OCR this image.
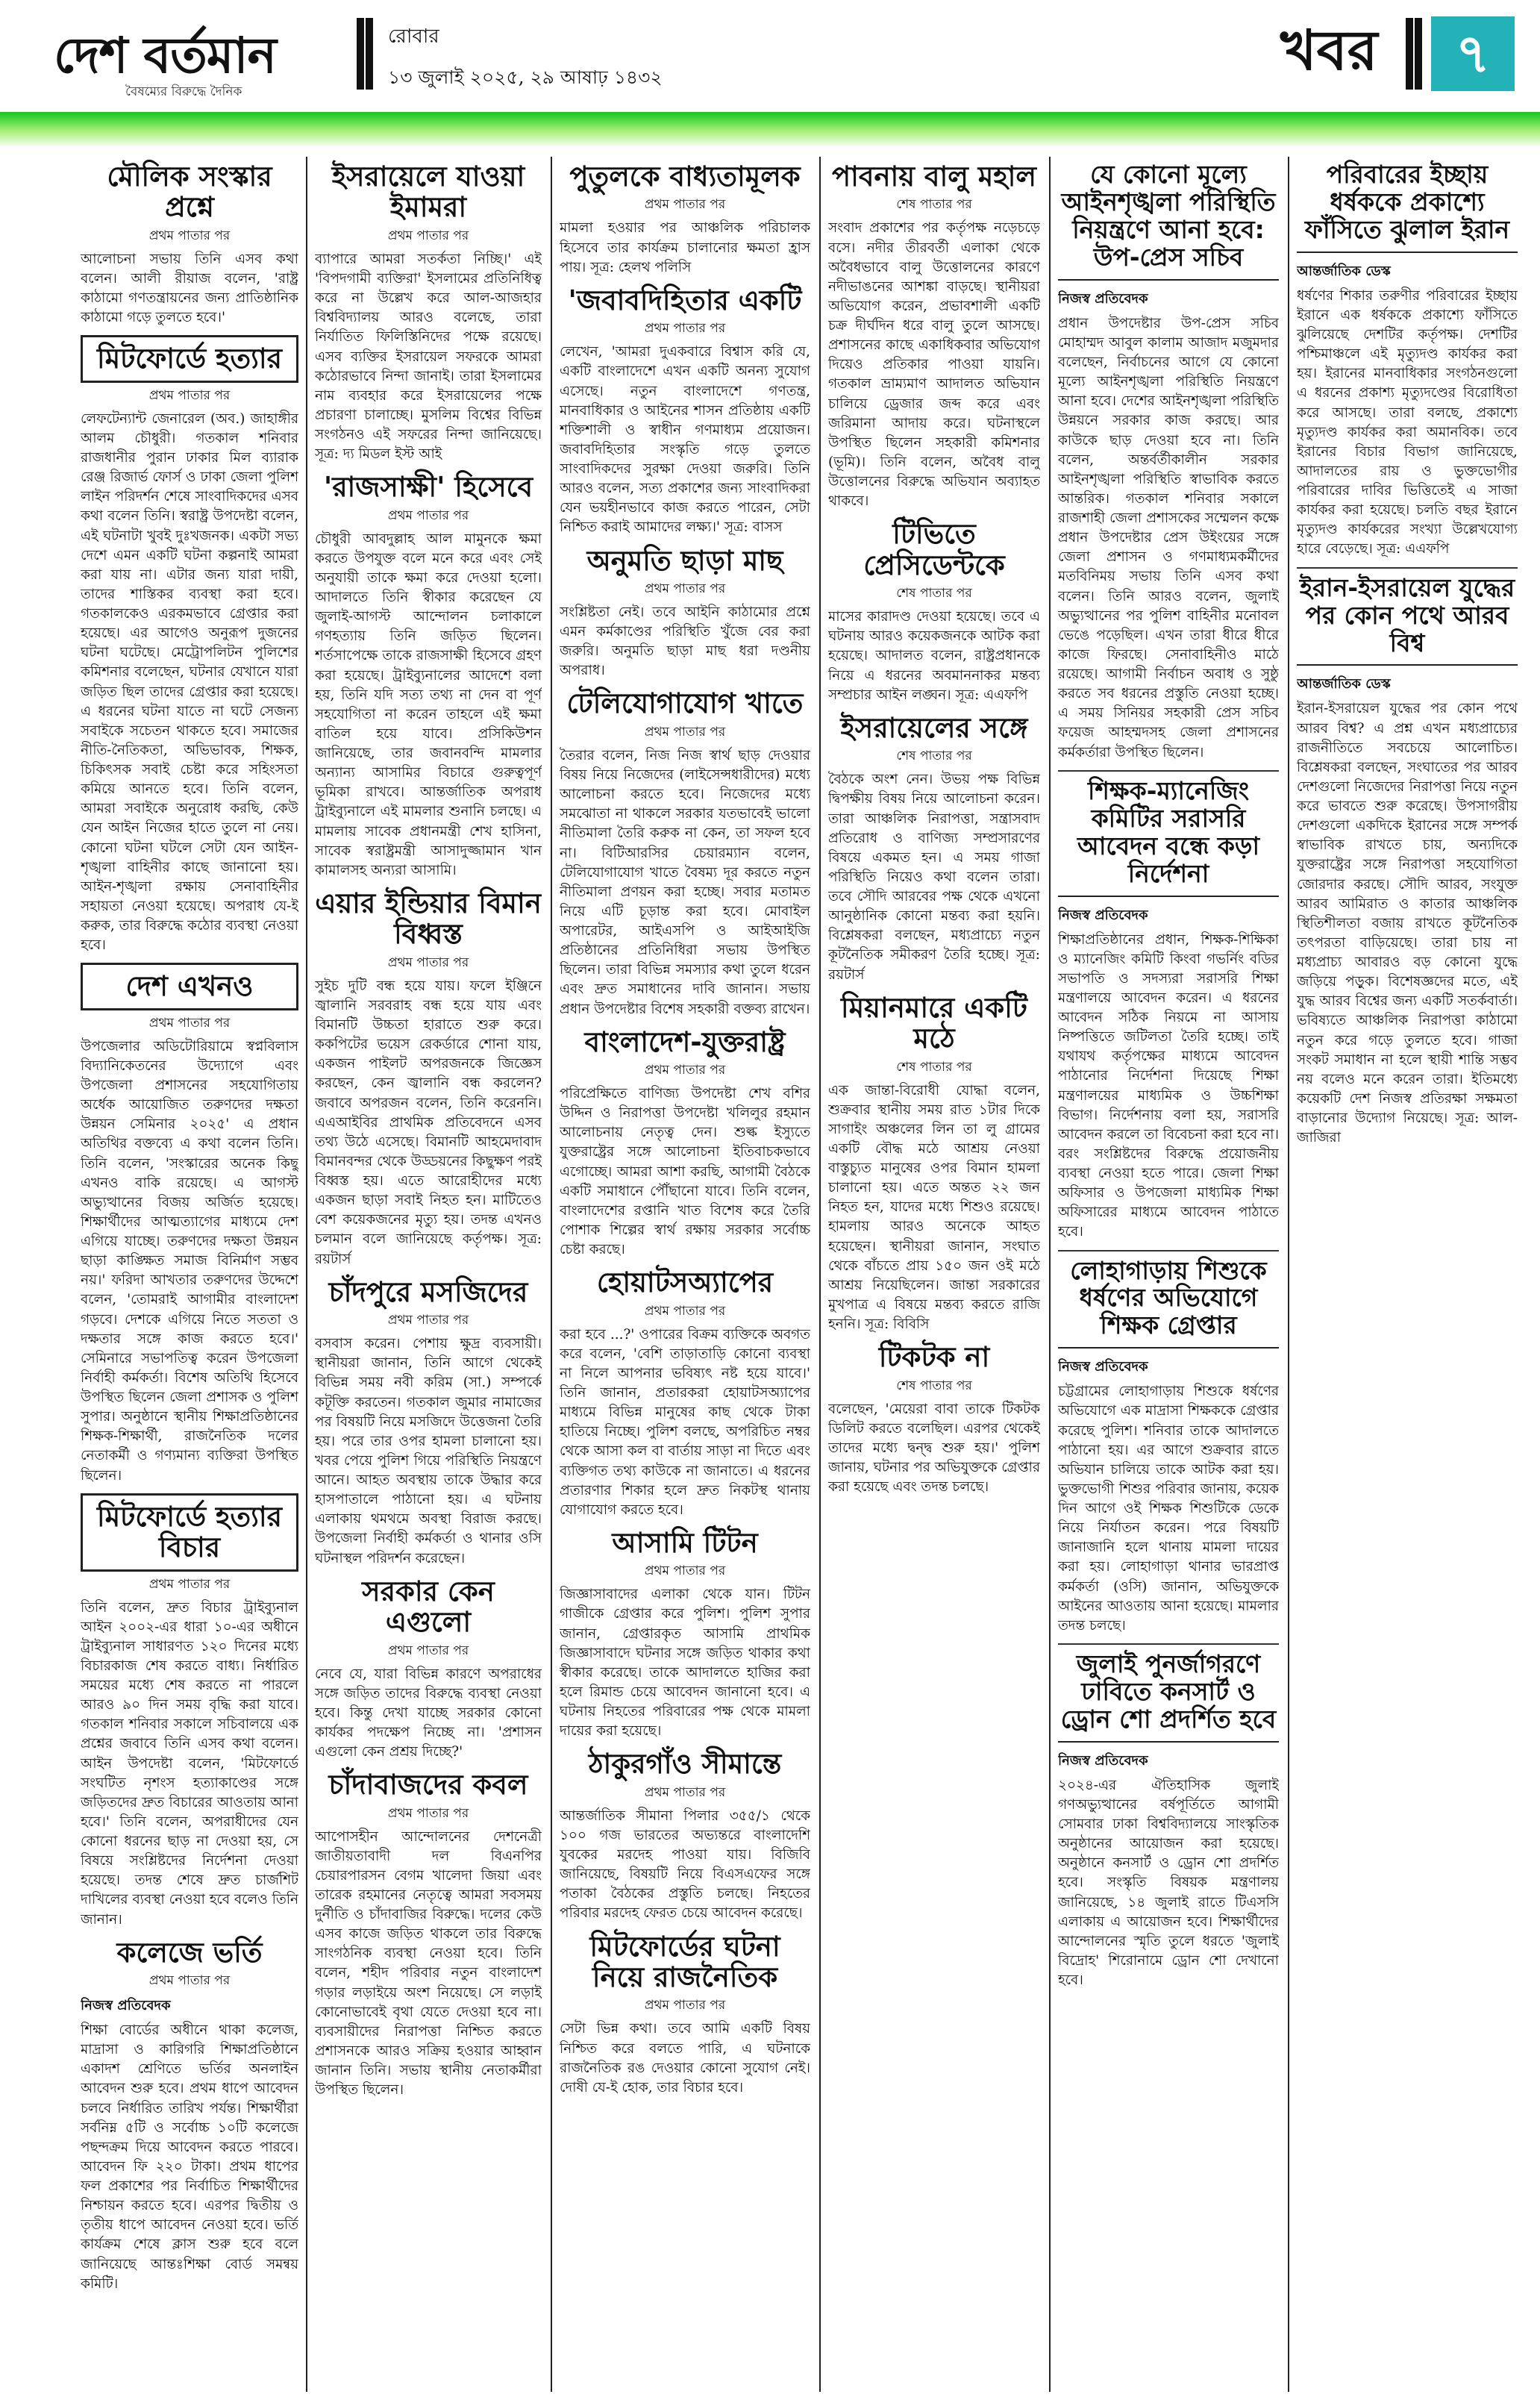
দেশ বর্তমান
বৈষম্যের বিরুদ্ধে দৈনিক
রোবার
১৩ জুলাই ২০২৫, ২৯ আষাঢ় ১৪৩২	খবর	৭
মৌলিক সংস্কার প্রশ্নে
প্রথম পাতার পর

আলোচনা সভায় তিনি এসব কথা বলেন। আলী রীয়াজ বলেন, 'রাষ্ট্র কাঠামো গণতন্ত্রায়নের জন্য প্রাতিষ্ঠানিক কাঠামো গড়ে তুলতে হবে।'

মিটফোর্ডে হত্যার
প্রথম পাতার পর

লেফটেন্যান্ট জেনারেল (অব.) জাহাঙ্গীর আলম চৌধুরী। গতকাল শনিবার রাজধানীর পুরান ঢাকার মিল ব্যারাক রেঞ্জ রিজার্ভ ফোর্স ও ঢাকা জেলা পুলিশ লাইন পরিদর্শন শেষে সাংবাদিকদের এসব কথা বলেন তিনি। স্বরাষ্ট্র উপদেষ্টা বলেন, এই ঘটনাটা খুবই দুঃখজনক। একটা সভ্য দেশে এমন একটি ঘটনা কল্পনাই আমরা করা যায় না। এটার জন্য যারা দায়ী, তাদের শাস্তিকর ব্যবস্থা করা হবে। গতকালকেও এরকমভাবে গ্রেপ্তার করা হয়েছে। এর আগেও অনুরূপ দুজনের ঘটনা ঘটেছে। মেট্রোপলিটন পুলিশের কমিশনার বলেছেন, ঘটনার যেখানে যারা জড়িত ছিল তাদের গ্রেপ্তার করা হয়েছে। এ ধরনের ঘটনা যাতে না ঘটে সেজন্য সবাইকে সচেতন থাকতে হবে। সমাজের নীতি-নৈতিকতা, অভিভাবক, শিক্ষক, চিকিৎসক সবাই চেষ্টা করে সহিংসতা কমিয়ে আনতে হবে। তিনি বলেন, আমরা সবাইকে অনুরোধ করছি, কেউ যেন আইন নিজের হাতে তুলে না নেয়। কোনো ঘটনা ঘটলে সেটা যেন আইন-শৃঙ্খলা বাহিনীর কাছে জানানো হয়। আইন-শৃঙ্খলা রক্ষায় সেনাবাহিনীর সহায়তা নেওয়া হয়েছে। অপরাধ যে-ই করুক, তার বিরুদ্ধে কঠোর ব্যবস্থা নেওয়া হবে।

দেশ এখনও
প্রথম পাতার পর

উপজেলার অডিটোরিয়ামে স্বপ্নবিলাস বিদ্যানিকেতনের উদ্যোগে এবং উপজেলা প্রশাসনের সহযোগিতায় অর্ধেক আয়োজিত তরুণদের দক্ষতা উন্নয়ন সেমিনার ২০২৫' এ প্রধান অতিথির বক্তব্যে এ কথা বলেন তিনি। তিনি বলেন, 'সংস্কারের অনেক কিছু এখনও বাকি রয়েছে। এ আগস্ট অভ্যুত্থানের বিজয় অর্জিত হয়েছে। শিক্ষার্থীদের আত্মত্যাগের মাধ্যমে দেশ এগিয়ে যাচ্ছে। তরুণদের দক্ষতা উন্নয়ন ছাড়া কাঙ্ক্ষিত সমাজ বিনির্মাণ সম্ভব নয়।' ফরিদা আখতার তরুণদের উদ্দেশে বলেন, 'তোমরাই আগামীর বাংলাদেশ গড়বে। দেশকে এগিয়ে নিতে সততা ও দক্ষতার সঙ্গে কাজ করতে হবে।' সেমিনারে সভাপতিত্ব করেন উপজেলা নির্বাহী কর্মকর্তা। বিশেষ অতিথি হিসেবে উপস্থিত ছিলেন জেলা প্রশাসক ও পুলিশ সুপার। অনুষ্ঠানে স্থানীয় শিক্ষাপ্রতিষ্ঠানের শিক্ষক-শিক্ষার্থী, রাজনৈতিক দলের নেতাকর্মী ও গণ্যমান্য ব্যক্তিরা উপস্থিত ছিলেন।

মিটফোর্ডে হত্যার বিচার
প্রথম পাতার পর

তিনি বলেন, দ্রুত বিচার ট্রাইব্যুনাল আইন ২০০২-এর ধারা ১০-এর অধীনে ট্রাইব্যুনাল সাধারণত ১২০ দিনের মধ্যে বিচারকাজ শেষ করতে বাধ্য। নির্ধারিত সময়ের মধ্যে শেষ করতে না পারলে আরও ৯০ দিন সময় বৃদ্ধি করা যাবে। গতকাল শনিবার সকালে সচিবালয়ে এক প্রশ্নের জবাবে তিনি এসব কথা বলেন। আইন উপদেষ্টা বলেন, 'মিটফোর্ডে সংঘটিত নৃশংস হত্যাকাণ্ডের সঙ্গে জড়িতদের দ্রুত বিচারের আওতায় আনা হবে।' তিনি বলেন, অপরাধীদের যেন কোনো ধরনের ছাড় না দেওয়া হয়, সে বিষয়ে সংশ্লিষ্টদের নির্দেশনা দেওয়া হয়েছে। তদন্ত শেষে দ্রুত চার্জশিট দাখিলের ব্যবস্থা নেওয়া হবে বলেও তিনি জানান।

কলেজে ভর্তি
প্রথম পাতার পর
নিজস্ব প্রতিবেদক

শিক্ষা বোর্ডের অধীনে থাকা কলেজ, মাদ্রাসা ও কারিগরি শিক্ষাপ্রতিষ্ঠানে একাদশ শ্রেণিতে ভর্তির অনলাইন আবেদন শুরু হবে। প্রথম ধাপে আবেদন চলবে নির্ধারিত তারিখ পর্যন্ত। শিক্ষার্থীরা সর্বনিম্ন ৫টি ও সর্বোচ্চ ১০টি কলেজে পছন্দক্রম দিয়ে আবেদন করতে পারবে। আবেদন ফি ২২০ টাকা। প্রথম ধাপের ফল প্রকাশের পর নির্বাচিত শিক্ষার্থীদের নিশ্চায়ন করতে হবে। এরপর দ্বিতীয় ও তৃতীয় ধাপে আবেদন নেওয়া হবে। ভর্তি কার্যক্রম শেষে ক্লাস শুরু হবে বলে জানিয়েছে আন্তঃশিক্ষা বোর্ড সমন্বয় কমিটি।

ইসরায়েলে যাওয়া ইমামরা
প্রথম পাতার পর

ব্যাপারে আমরা সতর্কতা নিচ্ছি।' এই 'বিপদগামী ব্যক্তিরা' ইসলামের প্রতিনিধিত্ব করে না উল্লেখ করে আল-আজহার বিশ্ববিদ্যালয় আরও বলেছে, তারা নির্যাতিত ফিলিস্তিনিদের পক্ষে রয়েছে। এসব ব্যক্তির ইসরায়েল সফরকে আমরা কঠোরভাবে নিন্দা জানাই। তারা ইসলামের নাম ব্যবহার করে ইসরায়েলের পক্ষে প্রচারণা চালাচ্ছে। মুসলিম বিশ্বের বিভিন্ন সংগঠনও এই সফরের নিন্দা জানিয়েছে। সূত্র: দ্য মিডল ইস্ট আই

'রাজসাক্ষী' হিসেবে
প্রথম পাতার পর

চৌধুরী আবদুল্লাহ আল মামুনকে ক্ষমা করতে উপযুক্ত বলে মনে করে এবং সেই অনুযায়ী তাকে ক্ষমা করে দেওয়া হলো। আদালতে তিনি স্বীকার করেছেন যে জুলাই-আগস্ট আন্দোলন চলাকালে গণহত্যায় তিনি জড়িত ছিলেন। শর্তসাপেক্ষে তাকে রাজসাক্ষী হিসেবে গ্রহণ করা হয়েছে। ট্রাইব্যুনালের আদেশে বলা হয়, তিনি যদি সত্য তথ্য না দেন বা পূর্ণ সহযোগিতা না করেন তাহলে এই ক্ষমা বাতিল হয়ে যাবে। প্রসিকিউশন জানিয়েছে, তার জবানবন্দি মামলার অন্যান্য আসামির বিচারে গুরুত্বপূর্ণ ভূমিকা রাখবে। আন্তর্জাতিক অপরাধ ট্রাইব্যুনালে এই মামলার শুনানি চলছে। এ মামলায় সাবেক প্রধানমন্ত্রী শেখ হাসিনা, সাবেক স্বরাষ্ট্রমন্ত্রী আসাদুজ্জামান খান কামালসহ অন্যরা আসামি।

এয়ার ইন্ডিয়ার বিমান বিধ্বস্ত
প্রথম পাতার পর

সুইচ দুটি বন্ধ হয়ে যায়। ফলে ইঞ্জিনে জ্বালানি সরবরাহ বন্ধ হয়ে যায় এবং বিমানটি উচ্চতা হারাতে শুরু করে। ককপিটের ভয়েস রেকর্ডারে শোনা যায়, একজন পাইলট অপরজনকে জিজ্ঞেস করছেন, কেন জ্বালানি বন্ধ করলেন? জবাবে অপরজন বলেন, তিনি করেননি। এএআইবির প্রাথমিক প্রতিবেদনে এসব তথ্য উঠে এসেছে। বিমানটি আহমেদাবাদ বিমানবন্দর থেকে উড্ডয়নের কিছুক্ষণ পরই বিধ্বস্ত হয়। এতে আরোহীদের মধ্যে একজন ছাড়া সবাই নিহত হন। মাটিতেও বেশ কয়েকজনের মৃত্যু হয়। তদন্ত এখনও চলমান বলে জানিয়েছে কর্তৃপক্ষ। সূত্র: রয়টার্স

চাঁদপুরে মসজিদের
প্রথম পাতার পর

বসবাস করেন। পেশায় ক্ষুদ্র ব্যবসায়ী। স্থানীয়রা জানান, তিনি আগে থেকেই বিভিন্ন সময় নবী করিম (সা.) সম্পর্কে কটূক্তি করতেন। গতকাল জুমার নামাজের পর বিষয়টি নিয়ে মসজিদে উত্তেজনা তৈরি হয়। পরে তার ওপর হামলা চালানো হয়। খবর পেয়ে পুলিশ গিয়ে পরিস্থিতি নিয়ন্ত্রণে আনে। আহত অবস্থায় তাকে উদ্ধার করে হাসপাতালে পাঠানো হয়। এ ঘটনায় এলাকায় থমথমে অবস্থা বিরাজ করছে। উপজেলা নির্বাহী কর্মকর্তা ও থানার ওসি ঘটনাস্থল পরিদর্শন করেছেন।

সরকার কেন এগুলো
প্রথম পাতার পর

নেবে যে, যারা বিভিন্ন কারণে অপরাধের সঙ্গে জড়িত তাদের বিরুদ্ধে ব্যবস্থা নেওয়া হবে। কিন্তু দেখা যাচ্ছে সরকার কোনো কার্যকর পদক্ষেপ নিচ্ছে না। 'প্রশাসন এগুলো কেন প্রশ্রয় দিচ্ছে?'

চাঁদাবাজদের কবল
প্রথম পাতার পর

আপোসহীন আন্দোলনের দেশনেত্রী জাতীয়তাবাদী দল বিএনপির চেয়ারপারসন বেগম খালেদা জিয়া এবং তারেক রহমানের নেতৃত্বে আমরা সবসময় দুর্নীতি ও চাঁদাবাজির বিরুদ্ধে। দলের কেউ এসব কাজে জড়িত থাকলে তার বিরুদ্ধে সাংগঠনিক ব্যবস্থা নেওয়া হবে। তিনি বলেন, শহীদ পরিবার নতুন বাংলাদেশ গড়ার লড়াইয়ে অংশ নিয়েছে। সে লড়াই কোনোভাবেই বৃথা যেতে দেওয়া হবে না। ব্যবসায়ীদের নিরাপত্তা নিশ্চিত করতে প্রশাসনকে আরও সক্রিয় হওয়ার আহ্বান জানান তিনি। সভায় স্থানীয় নেতাকর্মীরা উপস্থিত ছিলেন।

পুতুলকে বাধ্যতামূলক
প্রথম পাতার পর

মামলা হওয়ার পর আঞ্চলিক পরিচালক হিসেবে তার কার্যক্রম চালানোর ক্ষমতা হ্রাস পায়। সূত্র: হেলথ পলিসি

'জবাবদিহিতার একটি
প্রথম পাতার পর

লেখেন, 'আমরা দুএকবারে বিশ্বাস করি যে, একটি বাংলাদেশে এখন একটি অনন্য সুযোগ এসেছে। নতুন বাংলাদেশে গণতন্ত্র, মানবাধিকার ও আইনের শাসন প্রতিষ্ঠায় একটি শক্তিশালী ও স্বাধীন গণমাধ্যম প্রয়োজন। জবাবদিহিতার সংস্কৃতি গড়ে তুলতে সাংবাদিকদের সুরক্ষা দেওয়া জরুরি। তিনি আরও বলেন, সত্য প্রকাশের জন্য সাংবাদিকরা যেন ভয়হীনভাবে কাজ করতে পারেন, সেটা নিশ্চিত করাই আমাদের লক্ষ্য।' সূত্র: বাসস

অনুমতি ছাড়া মাছ
প্রথম পাতার পর

সংশ্লিষ্টতা নেই। তবে আইনি কাঠামোর প্রশ্নে এমন কর্মকাণ্ডের পরিস্থিতি খুঁজে বের করা জরুরি। অনুমতি ছাড়া মাছ ধরা দণ্ডনীয় অপরাধ।

টেলিযোগাযোগ খাতে
প্রথম পাতার পর

তৈরার বলেন, নিজ নিজ স্বার্থ ছাড় দেওয়ার বিষয় নিয়ে নিজেদের (লাইসেন্সধারীদের) মধ্যে আলোচনা করতে হবে। নিজেদের মধ্যে সমঝোতা না থাকলে সরকার যতভাবেই ভালো নীতিমালা তৈরি করুক না কেন, তা সফল হবে না। বিটিআরসির চেয়ারম্যান বলেন, টেলিযোগাযোগ খাতে বৈষম্য দূর করতে নতুন নীতিমালা প্রণয়ন করা হচ্ছে। সবার মতামত নিয়ে এটি চূড়ান্ত করা হবে। মোবাইল অপারেটর, আইএসপি ও আইআইজি প্রতিষ্ঠানের প্রতিনিধিরা সভায় উপস্থিত ছিলেন। তারা বিভিন্ন সমস্যার কথা তুলে ধরেন এবং দ্রুত সমাধানের দাবি জানান। সভায় প্রধান উপদেষ্টার বিশেষ সহকারী বক্তব্য রাখেন।

বাংলাদেশ-যুক্তরাষ্ট্র
প্রথম পাতার পর

পরিপ্রেক্ষিতে বাণিজ্য উপদেষ্টা শেখ বশির উদ্দিন ও নিরাপত্তা উপদেষ্টা খলিলুর রহমান আলোচনায় নেতৃত্ব দেন। শুল্ক ইস্যুতে যুক্তরাষ্ট্রের সঙ্গে আলোচনা ইতিবাচকভাবে এগোচ্ছে। আমরা আশা করছি, আগামী বৈঠকে একটি সমাধানে পৌঁছানো যাবে। তিনি বলেন, বাংলাদেশের রপ্তানি খাত বিশেষ করে তৈরি পোশাক শিল্পের স্বার্থ রক্ষায় সরকার সর্বোচ্চ চেষ্টা করছে।

হোয়াটসঅ্যাপের
প্রথম পাতার পর

করা হবে ...?' ওপারের বিক্রম ব্যক্তিকে অবগত করে বলেন, 'বেশি তাড়াতাড়ি কোনো ব্যবস্থা না নিলে আপনার ভবিষ্যৎ নষ্ট হয়ে যাবে।' তিনি জানান, প্রতারকরা হোয়াটসঅ্যাপের মাধ্যমে বিভিন্ন মানুষের কাছ থেকে টাকা হাতিয়ে নিচ্ছে। পুলিশ বলছে, অপরিচিত নম্বর থেকে আসা কল বা বার্তায় সাড়া না দিতে এবং ব্যক্তিগত তথ্য কাউকে না জানাতে। এ ধরনের প্রতারণার শিকার হলে দ্রুত নিকটস্থ থানায় যোগাযোগ করতে হবে।

আসামি টিটন
প্রথম পাতার পর

জিজ্ঞাসাবাদের এলাকা থেকে যান। টিটন গাজীকে গ্রেপ্তার করে পুলিশ। পুলিশ সুপার জানান, গ্রেপ্তারকৃত আসামি প্রাথমিক জিজ্ঞাসাবাদে ঘটনার সঙ্গে জড়িত থাকার কথা স্বীকার করেছে। তাকে আদালতে হাজির করা হলে রিমান্ড চেয়ে আবেদন জানানো হবে। এ ঘটনায় নিহতের পরিবারের পক্ষ থেকে মামলা দায়ের করা হয়েছে।

ঠাকুরগাঁও সীমান্তে
প্রথম পাতার পর

আন্তর্জাতিক সীমানা পিলার ৩৫৫/১ থেকে ১০০ গজ ভারতের অভ্যন্তরে বাংলাদেশি যুবকের মরদেহ পাওয়া যায়। বিজিবি জানিয়েছে, বিষয়টি নিয়ে বিএসএফের সঙ্গে পতাকা বৈঠকের প্রস্তুতি চলছে। নিহতের পরিবার মরদেহ ফেরত চেয়ে আবেদন করেছে।

মিটফোর্ডের ঘটনা নিয়ে রাজনৈতিক
প্রথম পাতার পর

সেটা ভিন্ন কথা। তবে আমি একটি বিষয় নিশ্চিত করে বলতে পারি, এ ঘটনাকে রাজনৈতিক রঙ দেওয়ার কোনো সুযোগ নেই। দোষী যে-ই হোক, তার বিচার হবে।

পাবনায় বালু মহাল
শেষ পাতার পর

সংবাদ প্রকাশের পর কর্তৃপক্ষ নড়েচড়ে বসে। নদীর তীরবর্তী এলাকা থেকে অবৈধভাবে বালু উত্তোলনের কারণে নদীভাঙনের আশঙ্কা বাড়ছে। স্থানীয়রা অভিযোগ করেন, প্রভাবশালী একটি চক্র দীর্ঘদিন ধরে বালু তুলে আসছে। প্রশাসনের কাছে একাধিকবার অভিযোগ দিয়েও প্রতিকার পাওয়া যায়নি। গতকাল ভ্রাম্যমাণ আদালত অভিযান চালিয়ে ড্রেজার জব্দ করে এবং জরিমানা আদায় করে। ঘটনাস্থলে উপস্থিত ছিলেন সহকারী কমিশনার (ভূমি)। তিনি বলেন, অবৈধ বালু উত্তোলনের বিরুদ্ধে অভিযান অব্যাহত থাকবে।

টিভিতে প্রেসিডেন্টকে
শেষ পাতার পর

মাসের কারাদণ্ড দেওয়া হয়েছে। তবে এ ঘটনায় আরও কয়েকজনকে আটক করা হয়েছে। আদালত বলেন, রাষ্ট্রপ্রধানকে নিয়ে এ ধরনের অবমাননাকর মন্তব্য সম্প্রচার আইন লঙ্ঘন। সূত্র: এএফপি

ইসরায়েলের সঙ্গে
শেষ পাতার পর

বৈঠকে অংশ নেন। উভয় পক্ষ বিভিন্ন দ্বিপক্ষীয় বিষয় নিয়ে আলোচনা করেন। তারা আঞ্চলিক নিরাপত্তা, সন্ত্রাসবাদ প্রতিরোধ ও বাণিজ্য সম্প্রসারণের বিষয়ে একমত হন। এ সময় গাজা পরিস্থিতি নিয়েও কথা বলেন তারা। তবে সৌদি আরবের পক্ষ থেকে এখনো আনুষ্ঠানিক কোনো মন্তব্য করা হয়নি। বিশ্লেষকরা বলছেন, মধ্যপ্রাচ্যে নতুন কূটনৈতিক সমীকরণ তৈরি হচ্ছে। সূত্র: রয়টার্স

মিয়ানমারে একটি মঠে
শেষ পাতার পর

এক জান্তা-বিরোধী যোদ্ধা বলেন, শুক্রবার স্থানীয় সময় রাত ১টার দিকে সাগাইং অঞ্চলের লিন তা লু গ্রামের একটি বৌদ্ধ মঠে আশ্রয় নেওয়া বাস্তুচ্যুত মানুষের ওপর বিমান হামলা চালানো হয়। এতে অন্তত ২২ জন নিহত হন, যাদের মধ্যে শিশুও রয়েছে। হামলায় আরও অনেকে আহত হয়েছেন। স্থানীয়রা জানান, সংঘাত থেকে বাঁচতে প্রায় ১৫০ জন ওই মঠে আশ্রয় নিয়েছিলেন। জান্তা সরকারের মুখপাত্র এ বিষয়ে মন্তব্য করতে রাজি হননি। সূত্র: বিবিসি

টিকটক না
শেষ পাতার পর

বলেছেন, 'মেয়েরা বাবা তাকে টিকটক ডিলিট করতে বলেছিল। এরপর থেকেই তাদের মধ্যে দ্বন্দ্ব শুরু হয়।' পুলিশ জানায়, ঘটনার পর অভিযুক্তকে গ্রেপ্তার করা হয়েছে এবং তদন্ত চলছে।

যে কোনো মূল্যে আইনশৃঙ্খলা পরিস্থিতি নিয়ন্ত্রণে আনা হবে: উপ-প্রেস সচিব
নিজস্ব প্রতিবেদক

প্রধান উপদেষ্টার উপ-প্রেস সচিব মোহাম্মদ আবুল কালাম আজাদ মজুমদার বলেছেন, নির্বাচনের আগে যে কোনো মূল্যে আইনশৃঙ্খলা পরিস্থিতি নিয়ন্ত্রণে আনা হবে। দেশের আইনশৃঙ্খলা পরিস্থিতি উন্নয়নে সরকার কাজ করছে। আর কাউকে ছাড় দেওয়া হবে না। তিনি বলেন, অন্তর্বর্তীকালীন সরকার আইনশৃঙ্খলা পরিস্থিতি স্বাভাবিক করতে আন্তরিক। গতকাল শনিবার সকালে রাজশাহী জেলা প্রশাসকের সম্মেলন কক্ষে প্রধান উপদেষ্টার প্রেস উইংয়ের সঙ্গে জেলা প্রশাসন ও গণমাধ্যমকর্মীদের মতবিনিময় সভায় তিনি এসব কথা বলেন। তিনি আরও বলেন, জুলাই অভ্যুত্থানের পর পুলিশ বাহিনীর মনোবল ভেঙে পড়েছিল। এখন তারা ধীরে ধীরে কাজে ফিরছে। সেনাবাহিনীও মাঠে রয়েছে। আগামী নির্বাচন অবাধ ও সুষ্ঠু করতে সব ধরনের প্রস্তুতি নেওয়া হচ্ছে। এ সময় সিনিয়র সহকারী প্রেস সচিব ফয়েজ আহম্মদসহ জেলা প্রশাসনের কর্মকর্তারা উপস্থিত ছিলেন।

শিক্ষক-ম্যানেজিং কমিটির সরাসরি আবেদন বন্ধে কড়া নির্দেশনা
নিজস্ব প্রতিবেদক

শিক্ষাপ্রতিষ্ঠানের প্রধান, শিক্ষক-শিক্ষিকা ও ম্যানেজিং কমিটি কিংবা গভর্নিং বডির সভাপতি ও সদস্যরা সরাসরি শিক্ষা মন্ত্রণালয়ে আবেদন করেন। এ ধরনের আবেদন সঠিক নিয়মে না আসায় নিষ্পত্তিতে জটিলতা তৈরি হচ্ছে। তাই যথাযথ কর্তৃপক্ষের মাধ্যমে আবেদন পাঠানোর নির্দেশনা দিয়েছে শিক্ষা মন্ত্রণালয়ের মাধ্যমিক ও উচ্চশিক্ষা বিভাগ। নির্দেশনায় বলা হয়, সরাসরি আবেদন করলে তা বিবেচনা করা হবে না। বরং সংশ্লিষ্টদের বিরুদ্ধে প্রয়োজনীয় ব্যবস্থা নেওয়া হতে পারে। জেলা শিক্ষা অফিসার ও উপজেলা মাধ্যমিক শিক্ষা অফিসারের মাধ্যমে আবেদন পাঠাতে হবে।

লোহাগাড়ায় শিশুকে ধর্ষণের অভিযোগে শিক্ষক গ্রেপ্তার
নিজস্ব প্রতিবেদক

চট্টগ্রামের লোহাগাড়ায় শিশুকে ধর্ষণের অভিযোগে এক মাদ্রাসা শিক্ষককে গ্রেপ্তার করেছে পুলিশ। শনিবার তাকে আদালতে পাঠানো হয়। এর আগে শুক্রবার রাতে অভিযান চালিয়ে তাকে আটক করা হয়। ভুক্তভোগী শিশুর পরিবার জানায়, কয়েক দিন আগে ওই শিক্ষক শিশুটিকে ডেকে নিয়ে নির্যাতন করেন। পরে বিষয়টি জানাজানি হলে থানায় মামলা দায়ের করা হয়। লোহাগাড়া থানার ভারপ্রাপ্ত কর্মকর্তা (ওসি) জানান, অভিযুক্তকে আইনের আওতায় আনা হয়েছে। মামলার তদন্ত চলছে।

জুলাই পুনর্জাগরণে ঢাবিতে কনসার্ট ও ড্রোন শো প্রদর্শিত হবে
নিজস্ব প্রতিবেদক

২০২৪-এর ঐতিহাসিক জুলাই গণঅভ্যুত্থানের বর্ষপূর্তিতে আগামী সোমবার ঢাকা বিশ্ববিদ্যালয়ে সাংস্কৃতিক অনুষ্ঠানের আয়োজন করা হয়েছে। অনুষ্ঠানে কনসার্ট ও ড্রোন শো প্রদর্শিত হবে। সংস্কৃতি বিষয়ক মন্ত্রণালয় জানিয়েছে, ১৪ জুলাই রাতে টিএসসি এলাকায় এ আয়োজন হবে। শিক্ষার্থীদের আন্দোলনের স্মৃতি তুলে ধরতে 'জুলাই বিদ্রোহ' শিরোনামে ড্রোন শো দেখানো হবে।

পরিবারের ইচ্ছায় ধর্ষককে প্রকাশ্যে ফাঁসিতে ঝুলাল ইরান
আন্তর্জাতিক ডেস্ক

ধর্ষণের শিকার তরুণীর পরিবারের ইচ্ছায় ইরানে এক ধর্ষককে প্রকাশ্যে ফাঁসিতে ঝুলিয়েছে দেশটির কর্তৃপক্ষ। দেশটির পশ্চিমাঞ্চলে এই মৃত্যুদণ্ড কার্যকর করা হয়। ইরানের মানবাধিকার সংগঠনগুলো এ ধরনের প্রকাশ্য মৃত্যুদণ্ডের বিরোধিতা করে আসছে। তারা বলছে, প্রকাশ্যে মৃত্যুদণ্ড কার্যকর করা অমানবিক। তবে ইরানের বিচার বিভাগ জানিয়েছে, আদালতের রায় ও ভুক্তভোগীর পরিবারের দাবির ভিত্তিতেই এ সাজা কার্যকর করা হয়েছে। চলতি বছর ইরানে মৃত্যুদণ্ড কার্যকরের সংখ্যা উল্লেখযোগ্য হারে বেড়েছে। সূত্র: এএফপি

ইরান-ইসরায়েল যুদ্ধের পর কোন পথে আরব বিশ্ব
আন্তর্জাতিক ডেস্ক

ইরান-ইসরায়েল যুদ্ধের পর কোন পথে আরব বিশ্ব? এ প্রশ্ন এখন মধ্যপ্রাচ্যের রাজনীতিতে সবচেয়ে আলোচিত। বিশ্লেষকরা বলছেন, সংঘাতের পর আরব দেশগুলো নিজেদের নিরাপত্তা নিয়ে নতুন করে ভাবতে শুরু করেছে। উপসাগরীয় দেশগুলো একদিকে ইরানের সঙ্গে সম্পর্ক স্বাভাবিক রাখতে চায়, অন্যদিকে যুক্তরাষ্ট্রের সঙ্গে নিরাপত্তা সহযোগিতা জোরদার করছে। সৌদি আরব, সংযুক্ত আরব আমিরাত ও কাতার আঞ্চলিক স্থিতিশীলতা বজায় রাখতে কূটনৈতিক তৎপরতা বাড়িয়েছে। তারা চায় না মধ্যপ্রাচ্য আবারও বড় কোনো যুদ্ধে জড়িয়ে পড়ুক। বিশেষজ্ঞদের মতে, এই যুদ্ধ আরব বিশ্বের জন্য একটি সতর্কবার্তা। ভবিষ্যতে আঞ্চলিক নিরাপত্তা কাঠামো নতুন করে গড়ে তুলতে হবে। গাজা সংকট সমাধান না হলে স্থায়ী শান্তি সম্ভব নয় বলেও মনে করেন তারা। ইতিমধ্যে কয়েকটি দেশ নিজস্ব প্রতিরক্ষা সক্ষমতা বাড়ানোর উদ্যোগ নিয়েছে। সূত্র: আল-জাজিরা
